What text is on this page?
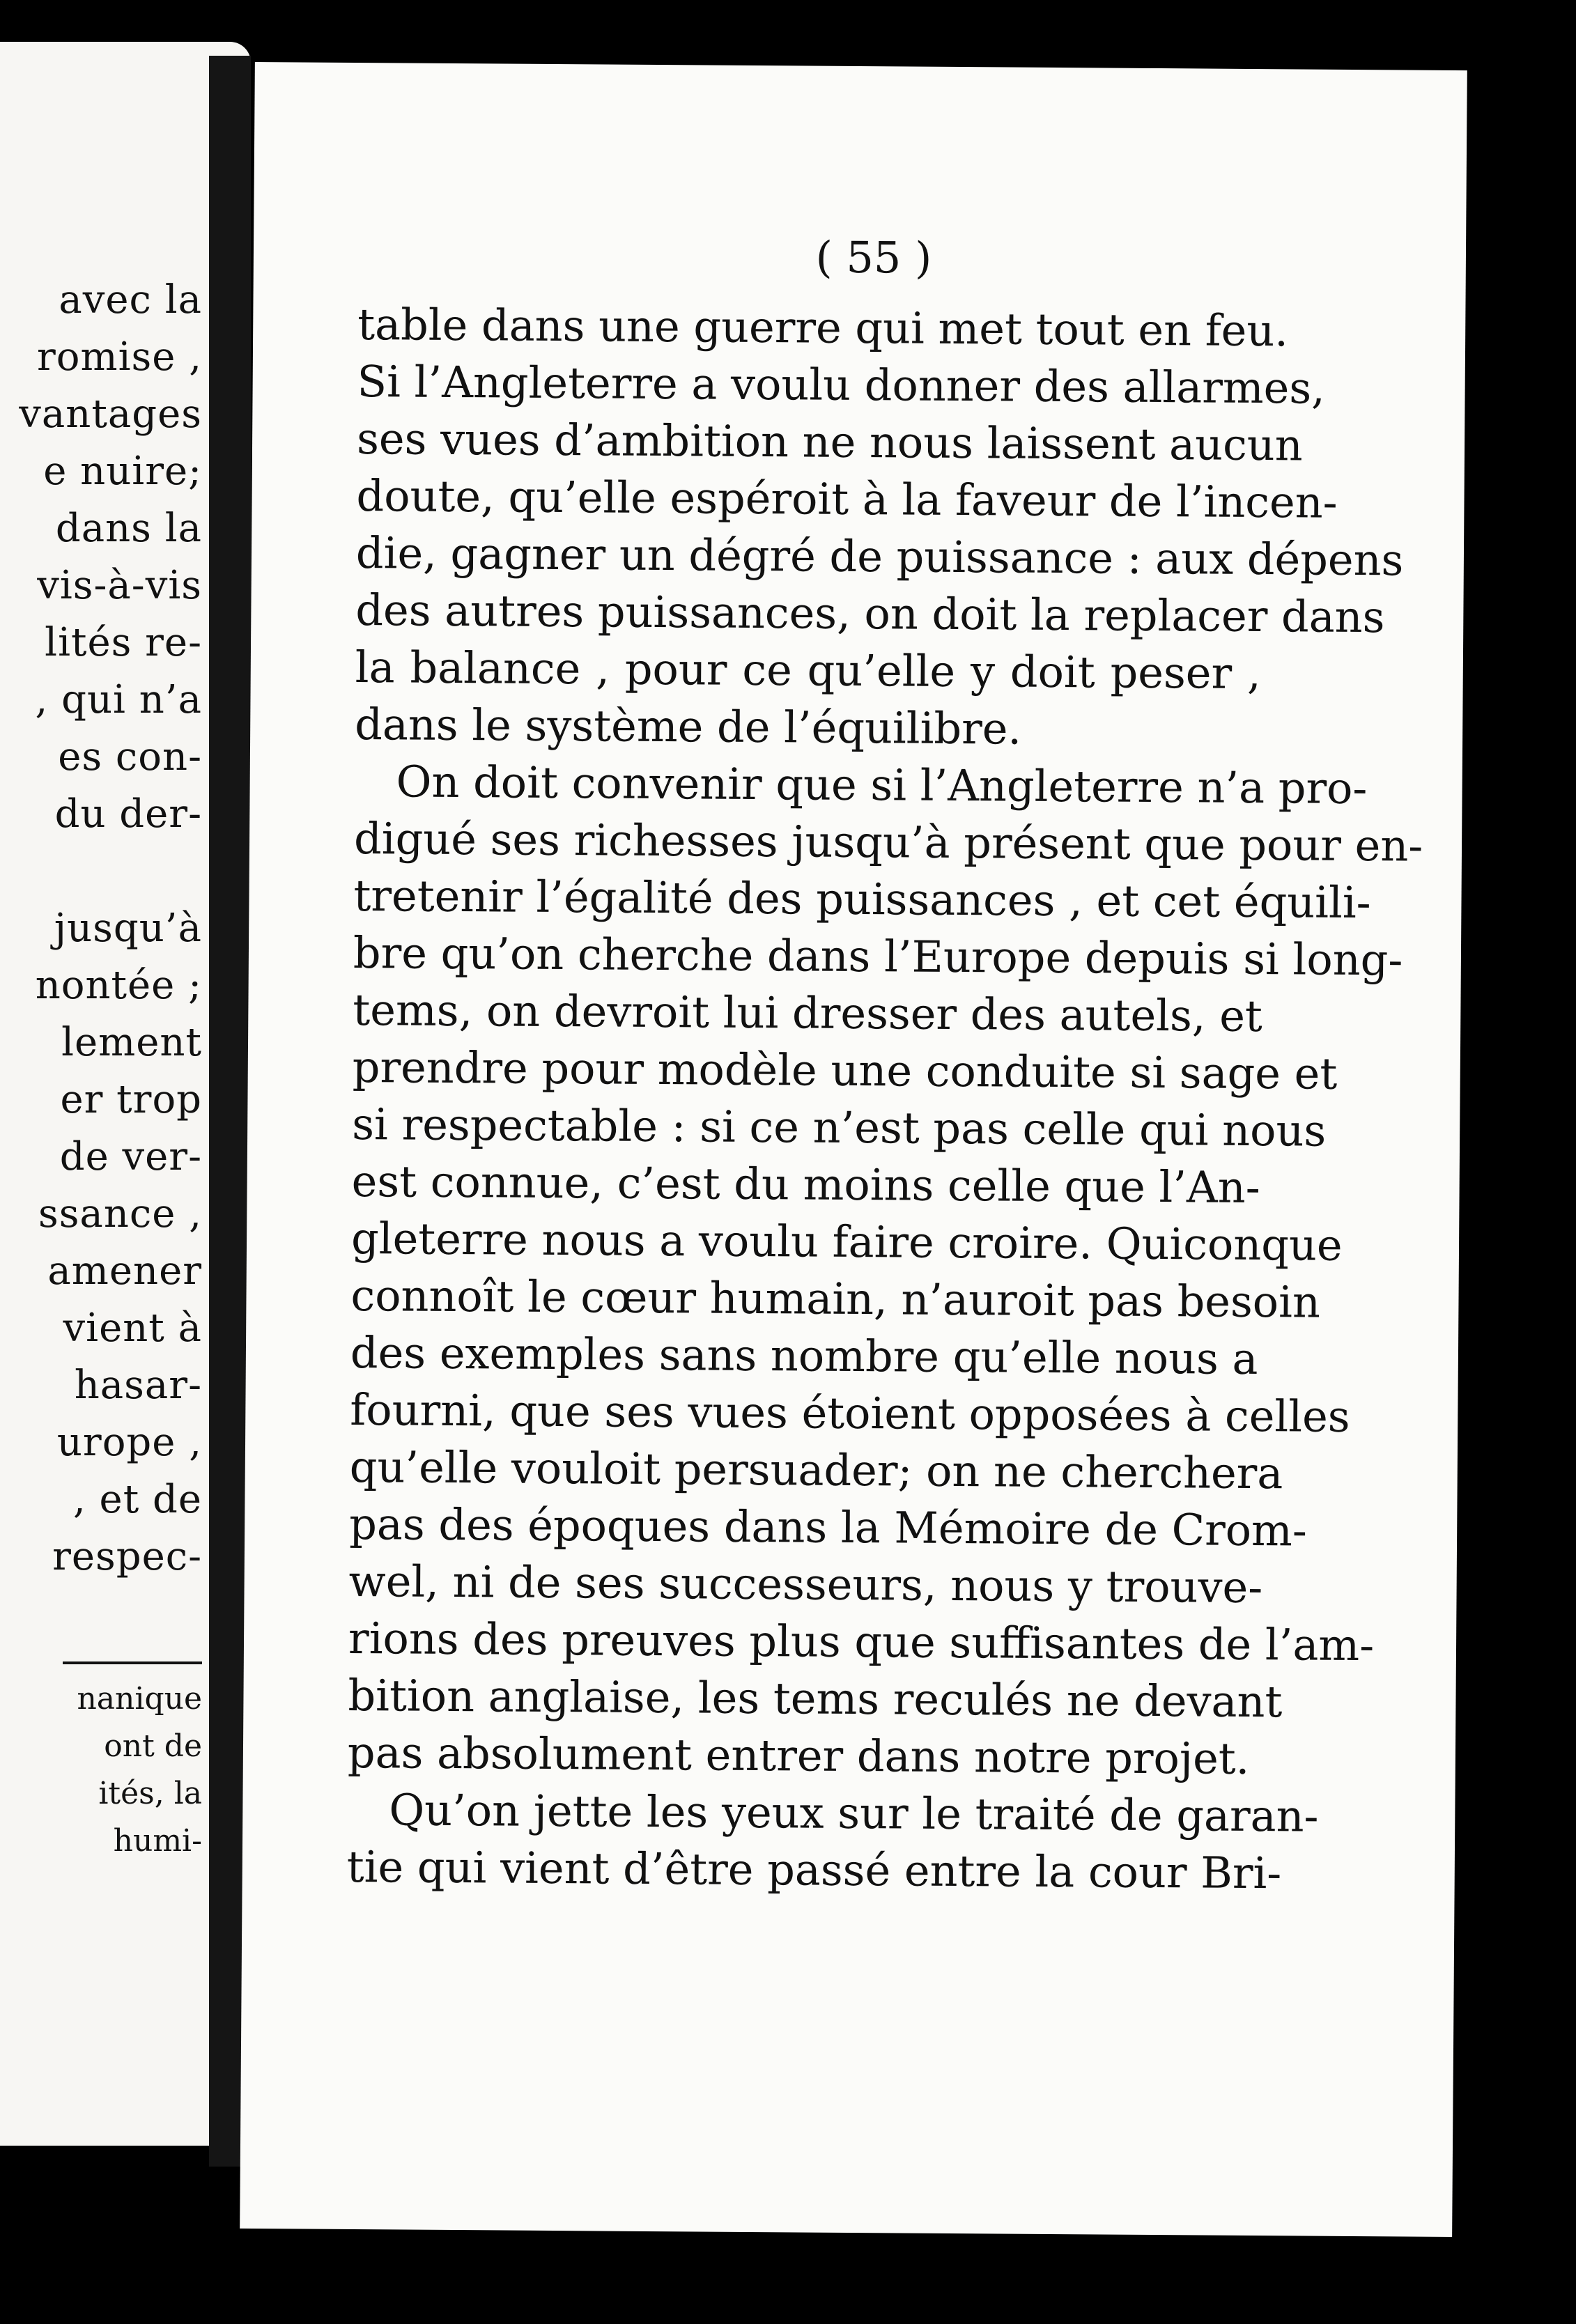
avec la
romise ,
vantages
e nuire;
dans la
vis-à-vis
lités re-
, qui n’a
es con-
du der-

jusqu’à
nontée ;
lement
er trop
de ver-
ssance ,
amener
vient à
hasar-
urope ,
, et de
respec-
nanique
ont de
ités, la
humi-
( 55 )
table dans une guerre qui met tout en feu.
Si l’Angleterre a voulu donner des allarmes,
ses vues d’ambition ne nous laissent aucun
doute, qu’elle espéroit à la faveur de l’incen-
die, gagner un dégré de puissance : aux dépens
des autres puissances, on doit la replacer dans
la balance , pour ce qu’elle y doit peser ,
dans le système de l’équilibre.
On doit convenir que si l’Angleterre n’a pro-
digué ses richesses jusqu’à présent que pour en-
tretenir l’égalité des puissances , et cet équili-
bre qu’on cherche dans l’Europe depuis si long-
tems, on devroit lui dresser des autels, et
prendre pour modèle une conduite si sage et
si respectable : si ce n’est pas celle qui nous
est connue, c’est du moins celle que l’An-
gleterre nous a voulu faire croire. Quiconque
connoît le cœur humain, n’auroit pas besoin
des exemples sans nombre qu’elle nous a
fourni, que ses vues étoient opposées à celles
qu’elle vouloit persuader; on ne cherchera
pas des époques dans la Mémoire de Crom-
wel, ni de ses successeurs, nous y trouve-
rions des preuves plus que suffisantes de l’am-
bition anglaise, les tems reculés ne devant
pas absolument entrer dans notre projet.
Qu’on jette les yeux sur le traité de garan-
tie qui vient d’être passé entre la cour Bri-
